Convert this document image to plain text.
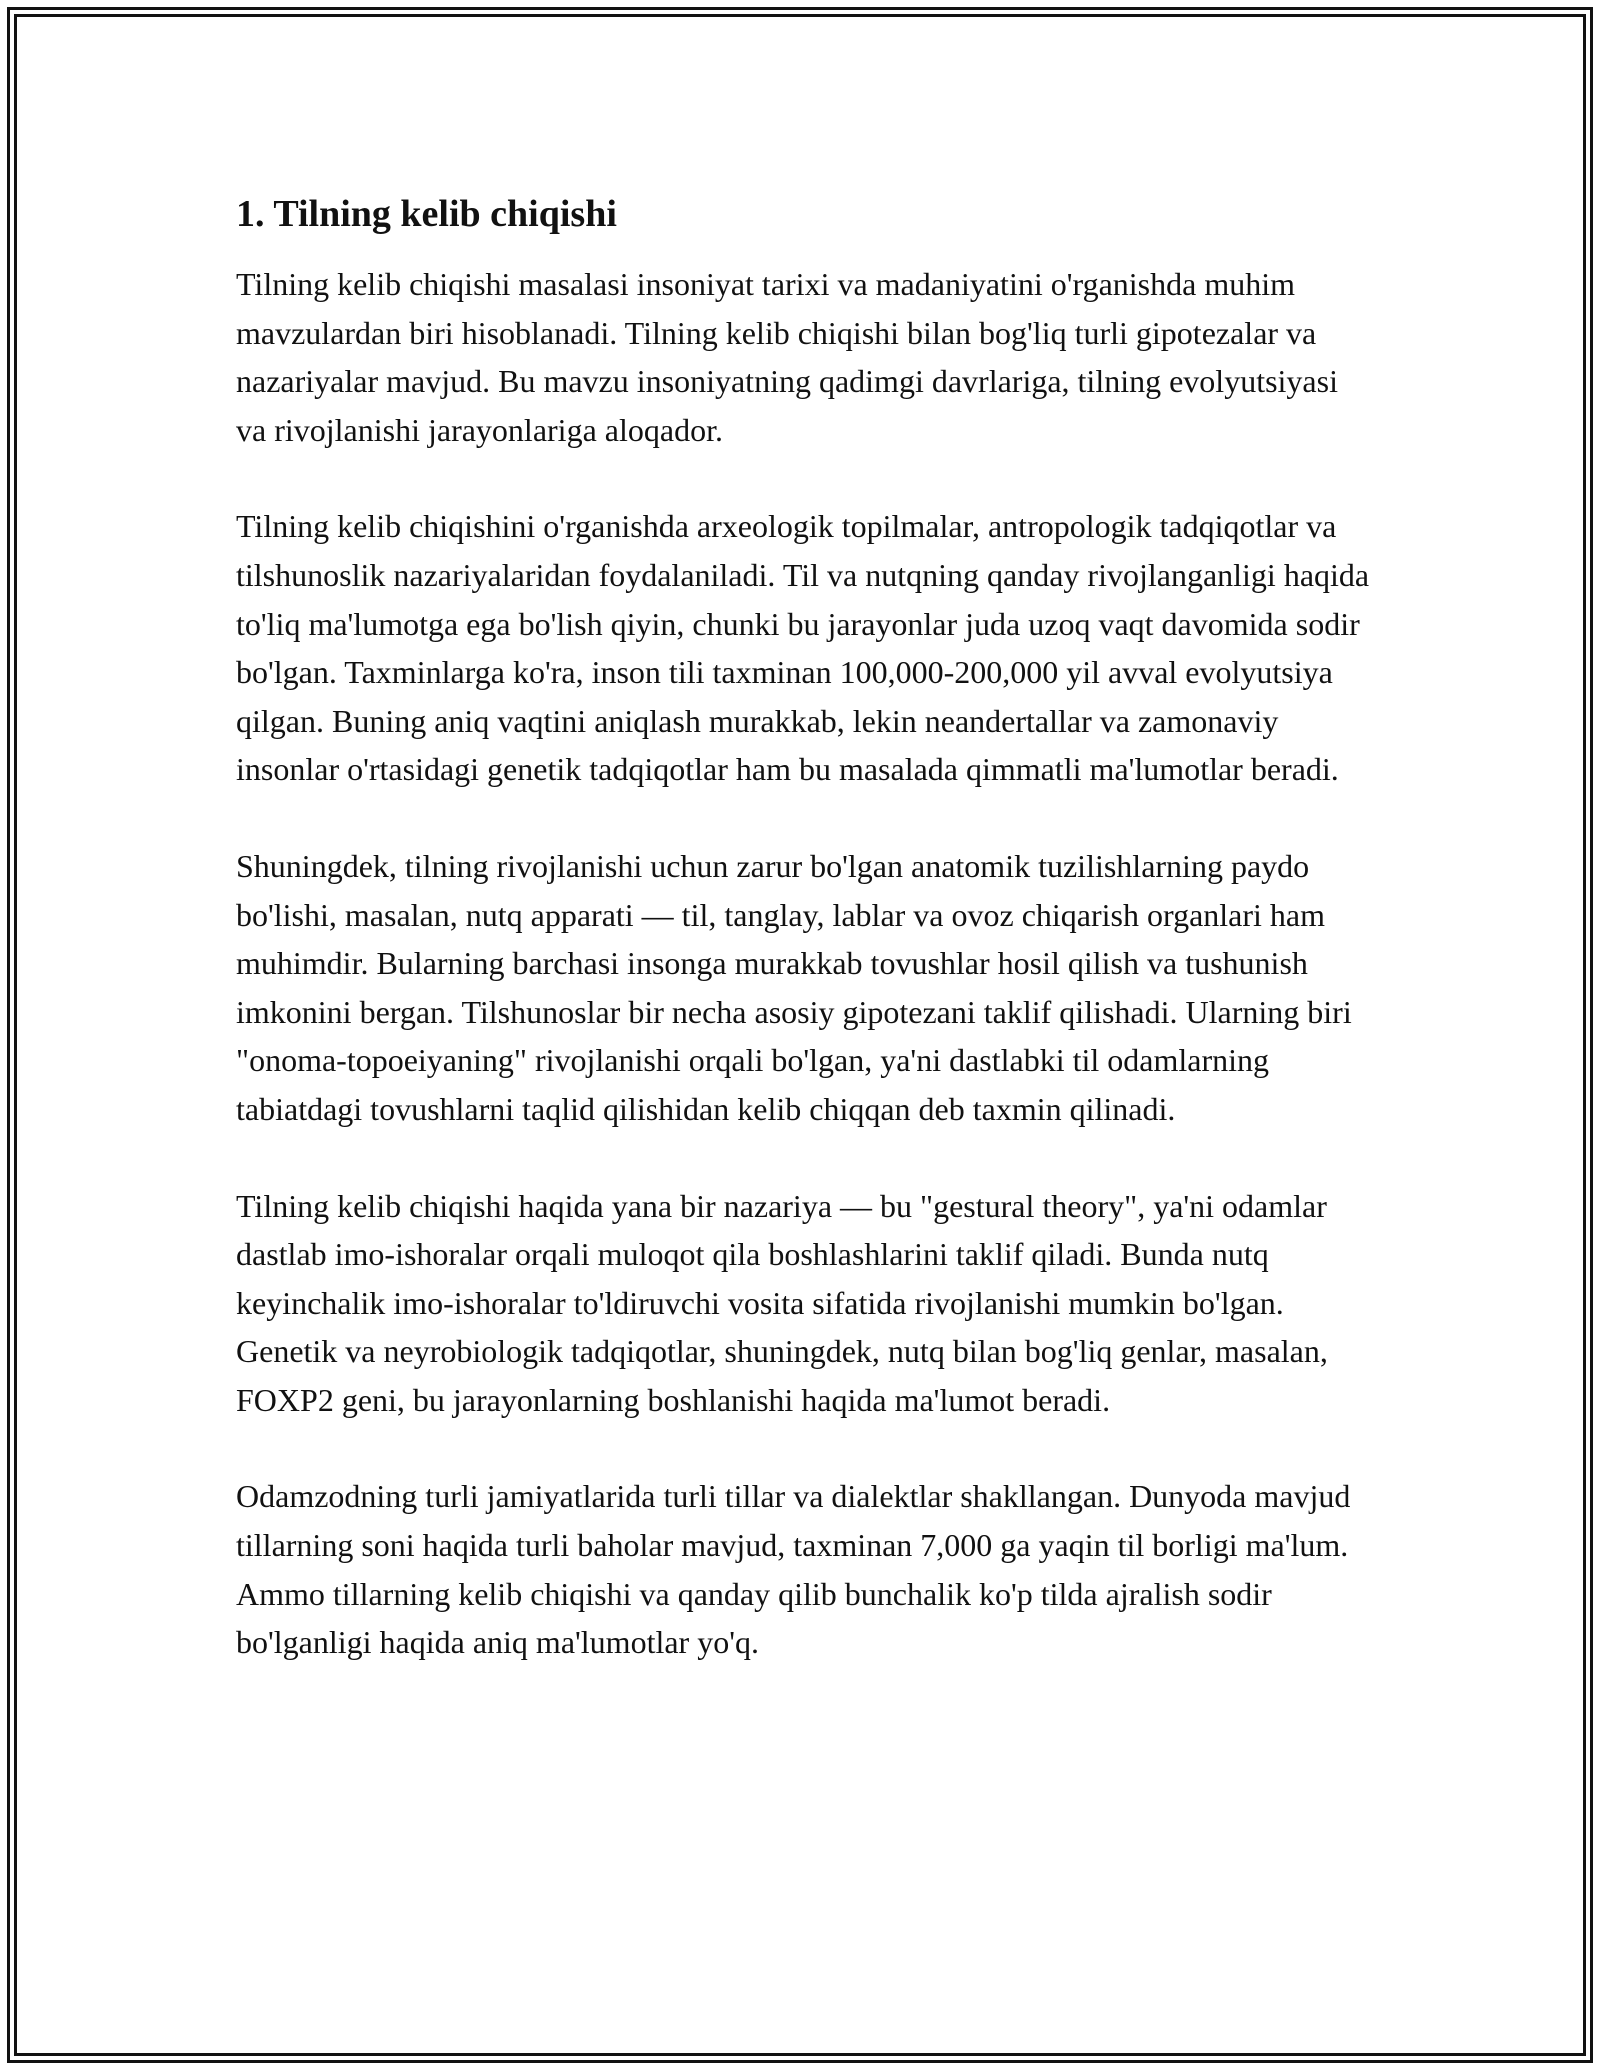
1. Tilning kelib chiqishi

Tilning kelib chiqishi masalasi insoniyat tarixi va madaniyatini o'rganishda muhim mavzulardan biri hisoblanadi. Tilning kelib chiqishi bilan bog'liq turli gipotezalar va nazariyalar mavjud. Bu mavzu insoniyatning qadimgi davrlariga, tilning evolyutsiyasi va rivojlanishi jarayonlariga aloqador.

Tilning kelib chiqishini o'rganishda arxeologik topilmalar, antropologik tadqiqotlar va tilshunoslik nazariyalaridan foydalaniladi. Til va nutqning qanday rivojlanganligi haqida to'liq ma'lumotga ega bo'lish qiyin, chunki bu jarayonlar juda uzoq vaqt davomida sodir bo'lgan. Taxminlarga ko'ra, inson tili taxminan 100,000-200,000 yil avval evolyutsiya qilgan. Buning aniq vaqtini aniqlash murakkab, lekin neandertallar va zamonaviy insonlar o'rtasidagi genetik tadqiqotlar ham bu masalada qimmatli ma'lumotlar beradi.

Shuningdek, tilning rivojlanishi uchun zarur bo'lgan anatomik tuzilishlarning paydo bo'lishi, masalan, nutq apparati — til, tanglay, lablar va ovoz chiqarish organlari ham muhimdir. Bularning barchasi insonga murakkab tovushlar hosil qilish va tushunish imkonini bergan. Tilshunoslar bir necha asosiy gipotezani taklif qilishadi. Ularning biri "onoma-topoeiyaning" rivojlanishi orqali bo'lgan, ya'ni dastlabki til odamlarning tabiatdagi tovushlarni taqlid qilishidan kelib chiqqan deb taxmin qilinadi.

Tilning kelib chiqishi haqida yana bir nazariya — bu "gestural theory", ya'ni odamlar dastlab imo-ishoralar orqali muloqot qila boshlashlarini taklif qiladi. Bunda nutq keyinchalik imo-ishoralar to'ldiruvchi vosita sifatida rivojlanishi mumkin bo'lgan. Genetik va neyrobiologik tadqiqotlar, shuningdek, nutq bilan bog'liq genlar, masalan, FOXP2 geni, bu jarayonlarning boshlanishi haqida ma'lumot beradi.

Odamzodning turli jamiyatlarida turli tillar va dialektlar shakllangan. Dunyoda mavjud tillarning soni haqida turli baholar mavjud, taxminan 7,000 ga yaqin til borligi ma'lum. Ammo tillarning kelib chiqishi va qanday qilib bunchalik ko'p tilda ajralish sodir bo'lganligi haqida aniq ma'lumotlar yo'q.
